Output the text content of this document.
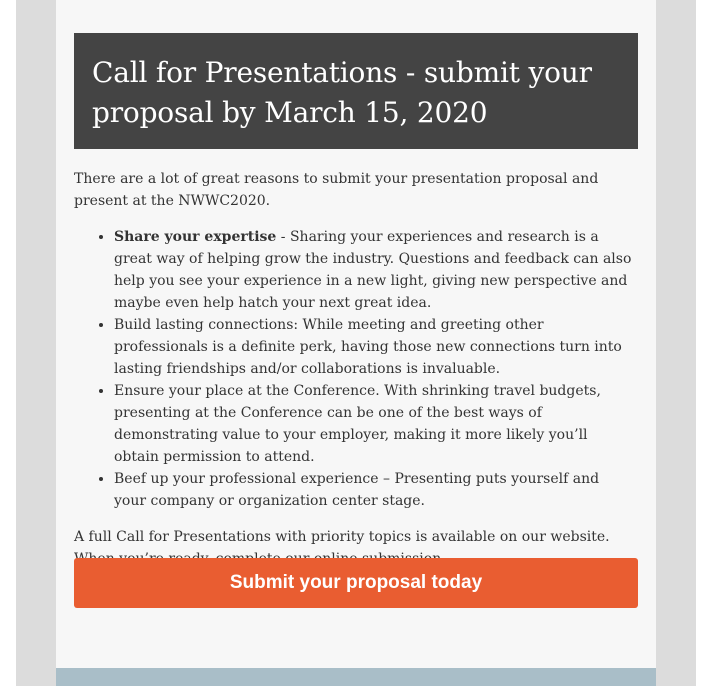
Call for Presentations - submit your proposal by March 15, 2020

There are a lot of great reasons to submit your presentation proposal and present at the NWWC2020.

• Share your expertise - Sharing your experiences and research is a great way of helping grow the industry. Questions and feedback can also help you see your experience in a new light, giving new perspective and maybe even help hatch your next great idea.
• Build lasting connections: While meeting and greeting other professionals is a definite perk, having those new connections turn into lasting friendships and/or collaborations is invaluable.
• Ensure your place at the Conference. With shrinking travel budgets, presenting at the Conference can be one of the best ways of demonstrating value to your employer, making it more likely you’ll obtain permission to attend.
• Beef up your professional experience – Presenting puts yourself and your company or organization center stage.

A full Call for Presentations with priority topics is available on our website.

Submit your proposal today
